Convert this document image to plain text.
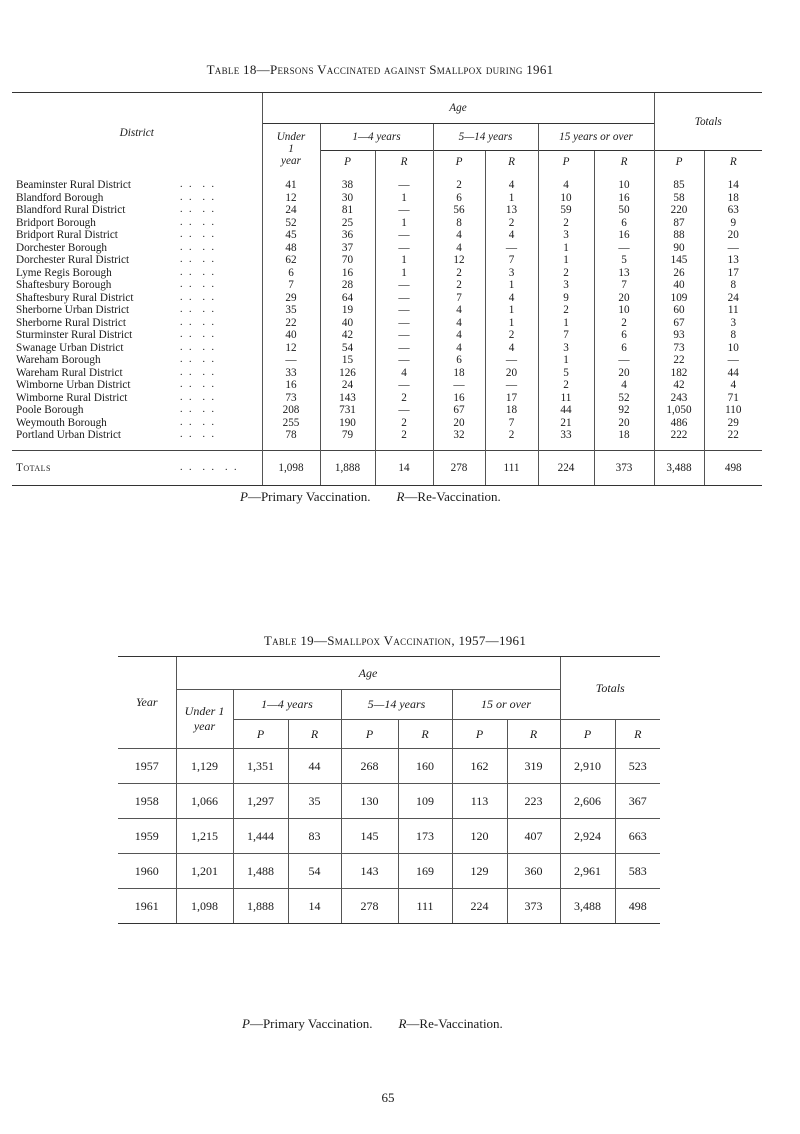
Table 18—Persons Vaccinated against Smallpox during 1961
District		Age							Totals	
		Under
1
year	1—4 years		5—14 years		15 years or over			
			P	R	P	R	P	R	P	R
Beaminster Rural District	. .  . .	41	38	—	2	4	4	10	85	14
Blandford Borough	. .  . .	12	30	1	6	1	10	16	58	18
Blandford Rural District	. .  . .	24	81	—	56	13	59	50	220	63
Bridport Borough	. .  . .	52	25	1	8	2	2	6	87	9
Bridport Rural District	. .  . .	45	36	—	4	4	3	16	88	20
Dorchester Borough	. .  . .	48	37	—	4	—	1	—	90	—
Dorchester Rural District	. .  . .	62	70	1	12	7	1	5	145	13
Lyme Regis Borough	. .  . .	6	16	1	2	3	2	13	26	17
Shaftesbury Borough	. .  . .	7	28	—	2	1	3	7	40	8
Shaftesbury Rural District	. .  . .	29	64	—	7	4	9	20	109	24
Sherborne Urban District	. .  . .	35	19	—	4	1	2	10	60	11
Sherborne Rural District	. .  . .	22	40	—	4	1	1	2	67	3
Sturminster Rural District	. .  . .	40	42	—	4	2	7	6	93	8
Swanage Urban District	. .  . .	12	54	—	4	4	3	6	73	10
Wareham Borough	. .  . .	—	15	—	6	—	1	—	22	—
Wareham Rural District	. .  . .	33	126	4	18	20	5	20	182	44
Wimborne Urban District	. .  . .	16	24	—	—	—	2	4	42	4
Wimborne Rural District	. .  . .	73	143	2	16	17	11	52	243	71
Poole Borough	. .  . .	208	731	—	67	18	44	92	1,050	110
Weymouth Borough	. .  . .	255	190	2	20	7	21	20	486	29
Portland Urban District	. .  . .	78	79	2	32	2	33	18	222	22
Totals	. .  . .  . .	1,098	1,888	14	278	111	224	373	3,488	498
P—Primary Vaccination. R—Re-Vaccination.
Table 19—Smallpox Vaccination, 1957—1961
Year	Age							Totals	
	Under 1 year	1—4 years		5—14 years		15 or over			
		P	R	P	R	P	R	P	R
1957	1,129	1,351	44	268	160	162	319	2,910	523
1958	1,066	1,297	35	130	109	113	223	2,606	367
1959	1,215	1,444	83	145	173	120	407	2,924	663
1960	1,201	1,488	54	143	169	129	360	2,961	583
1961	1,098	1,888	14	278	111	224	373	3,488	498
P—Primary Vaccination. R—Re-Vaccination.
65
